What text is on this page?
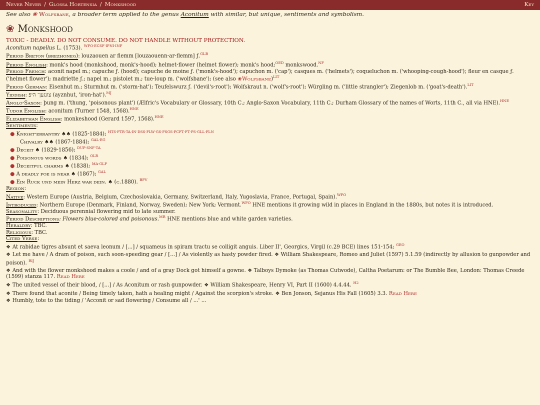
Never Never / Glossa Hortensia / Monkshood	Key
See also ❀ Wolfsbane, a broader term applied to the genus Aconitum with similar, but unique, sentiments and symbolism.
❀ Monkshood
TOXIC - DEADLY. DO NOT CONSUME. DO NOT HANDLE WITHOUT PROTECTION.
Aconitum napellus L. (1753). $^{WFO\cdot ECSF\cdot IPNI\cdot INF}$
Period Breton (brezhoneg): louzaouen ar flemm [louzaouenn-ar-flemm] ƒ.$^{GLB}$
Period English: monk's hood (monkshood, monk's-hood); helmet-flower (helmet flower); monk's hood;$^{OED}$ monkswood.$^{NF}$
Period French: aconit napel m.; capuche ƒ. (hood); capuche de moine ƒ. ('monk's-hood'); capuchon m. ('cap'); casques m. ('helmets'); coqueluchon m. ('whooping-cough-hood'); fleur en casque ƒ. ('helmet flower'); madriette ƒ.; napel m.; pistolet m.; tue-loup m. ('wolfsbane'); (see also ❀Wolfsbane)$^{LIT}$
Period German: Eisenhut m.; Sturmhut m. ('storm-hat'); Teufelswurz ƒ. ('devil's-root'); Wolfskraut n. ('wolf's-root'); Würgling m. ('little strangler'); Ziegenlob m. ('goat's-death').$^{LIT}$
Yiddish: צונגען־ היפ (ayznhut, 'iron-hat').$^{MJ}$
Anglo-Saxon: þung m. ('thung, 'poisonous plant') (Ælfric's Vocabulary or Glossary, 10th C.; Anglo-Saxon Vocabulary, 11th C.; Durham Glossary of the names of Worts, 11th C., all via HNE).$^{HNE}$
Tudor English: aconitum (Turner 1548, 1568).$^{HNE}$
Elizabethan English: monkeshood (Gerard 1597, 1568).$^{HNE}$
Sentiments:
● Knight-errantry ♠♠ (1825-1884); $^{HTS\cdot FTR\cdot TA\cdot IN\cdot DSS\cdot FLW\cdot GS\cdot FSGS\cdot FCFT\cdot FT\cdot PS\cdot GLL\cdot FLN}$
Chivalry ♠♠ (1867-1884); $^{GAL\cdot EG}$
● Deceit ♠ (1829-1856); $^{DUP\cdot SNF\cdot TA}$
● Poisonous words ♠ (1834); $^{OLR}$
● Deceitful charms ♠ (1838); $^{MA\cdot GLP}$
● A deadly foe is near ♠ (1867); $^{GAL}$
● Ein Ruck und mein Herz war dein. ♠ (c.1880). $^{BFV}$
Region:
Native: Western Europe (Austria, Belgium, Czechoslovakia, Germany, Switzerland, Italy, Yugoslavia, France, Portugal, Spain).$^{WFO}$
Introduced: Northern Europe (Denmark, Finland, Norway, Sweden); New York; Vermont.$^{WFO}$ HNE mentions it growing wild in places in England in the 1880s, but notes it is introduced.
Seasonality: Deciduous perennial flowering mid to late summer.
Period Descriptions: Flowers blue-colored and poisonous.$^{MR}$ HNE mentions blue and white garden varieties.
Heraldry: TBC.
Religious: TBC.
Cited Verse:
❖ At rabidae tigres absunt et saeva leonum / [...] / squameus in spiram tractu se colligit anguis. Liber II', Georgics, Virgil (c.29 BCE) lines 151-154; $^{GEO}$
❖ Let me have / A dram of poison, such soon-speeding gear / [...] / As violently as hasty powder fired. ❖ William Shakespeare, Romeo and Juliet (1597) 5.1.59 (indirectly by allusion to gunpowder and poison). $^{RIJ}$
❖ And with the flower monkshood makes a coole / and of a gray Dock got himself a gowne. ❖ Talboys Dymoke (as Thomas Cutwode), Caltha Poetarum: or The Bumble Bee, London: Thomas Creede (1599) stanza 117. Read Here
❖ The united vessel of their blood, / [...] / As Aconitum or rash gunpowder. ❖ William Shakespeare, Henry VI, Part II (1600) 4.4.44. $^{H2}$
❖ There found that aconite / Being timely taken, hath a healing might / Against the scorpion's stroke. ❖ Ben Jonson, Sejanus His Fall (1605) 3.3. Read Here
❖ Humbly, tote to the tiding / 'Acconit or sad flowering / Consume all / ...' ...
